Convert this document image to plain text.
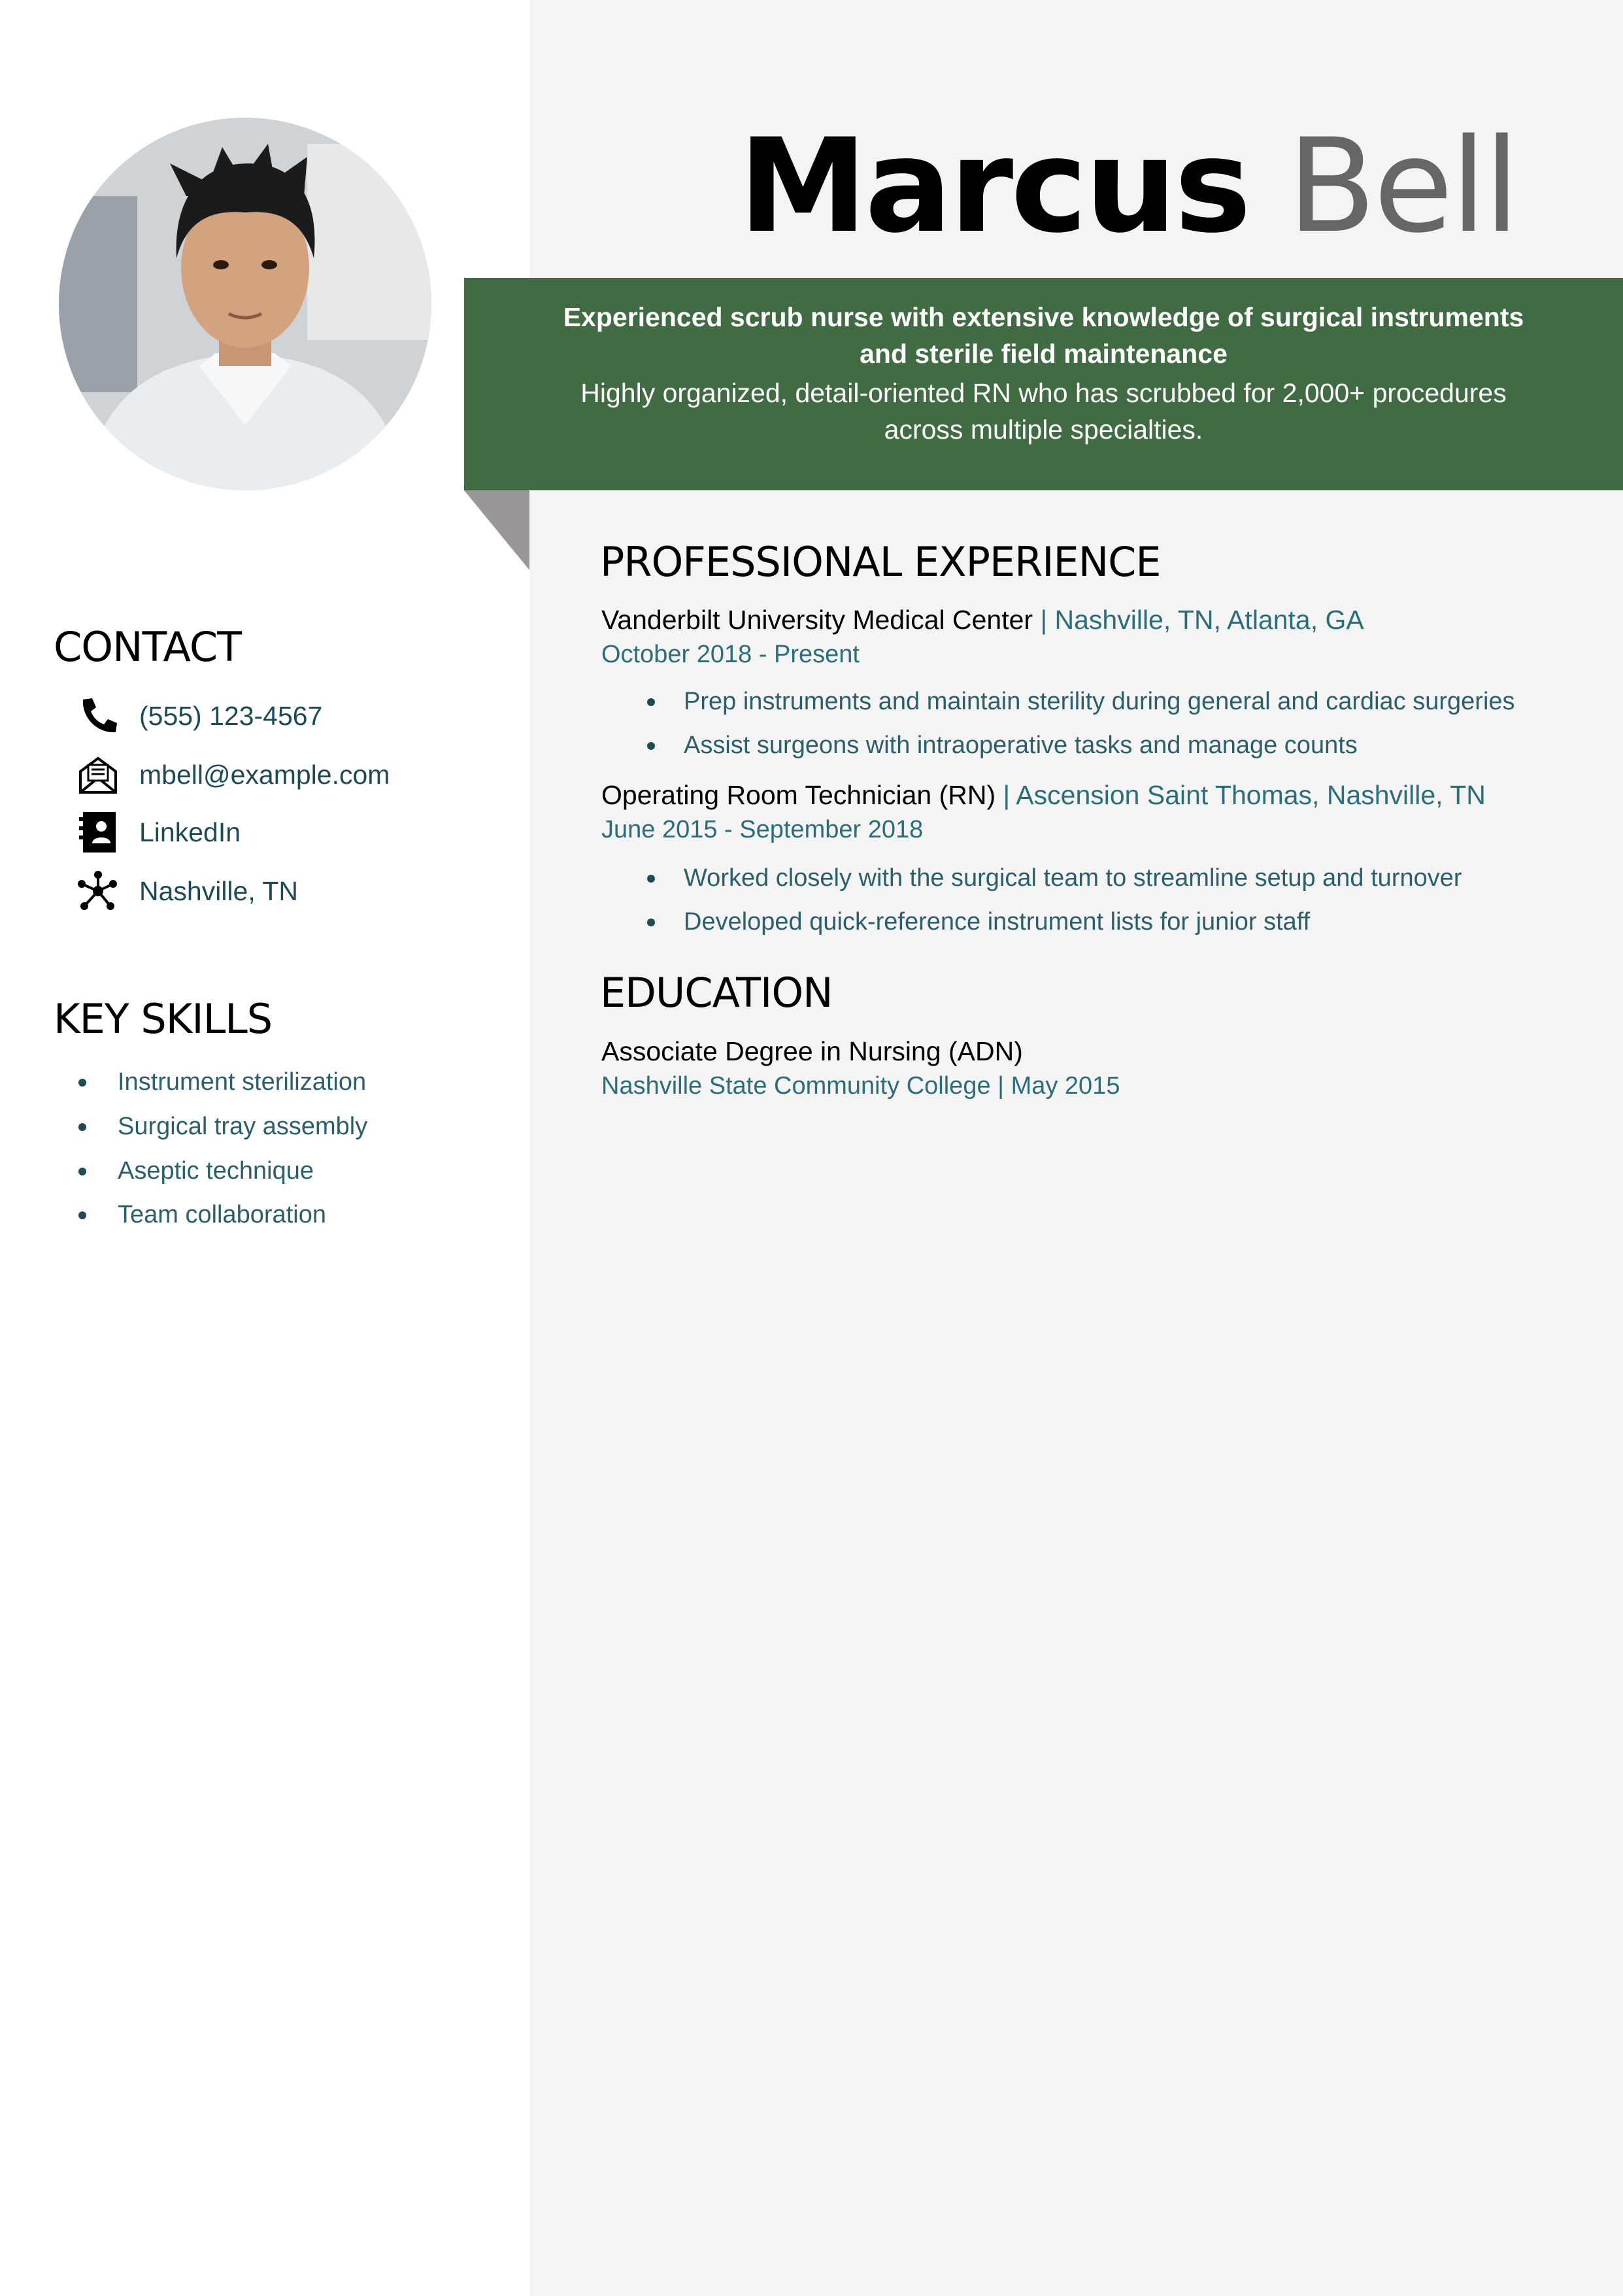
Marcus Bell
Experienced scrub nurse with extensive knowledge of surgical instruments and sterile field maintenance
Highly organized, detail-oriented RN who has scrubbed for 2,000+ procedures across multiple specialties.
CONTACT
(555) 123-4567
mbell@example.com
LinkedIn
Nashville, TN
KEY SKILLS
Instrument sterilization
Surgical tray assembly
Aseptic technique
Team collaboration
PROFESSIONAL EXPERIENCE
Vanderbilt University Medical Center | Nashville, TN, Atlanta, GA
October 2018 - Present
Prep instruments and maintain sterility during general and cardiac surgeries
Assist surgeons with intraoperative tasks and manage counts
Operating Room Technician (RN) | Ascension Saint Thomas, Nashville, TN
June 2015 - September 2018
Worked closely with the surgical team to streamline setup and turnover
Developed quick-reference instrument lists for junior staff
EDUCATION
Associate Degree in Nursing (ADN)
Nashville State Community College | May 2015
